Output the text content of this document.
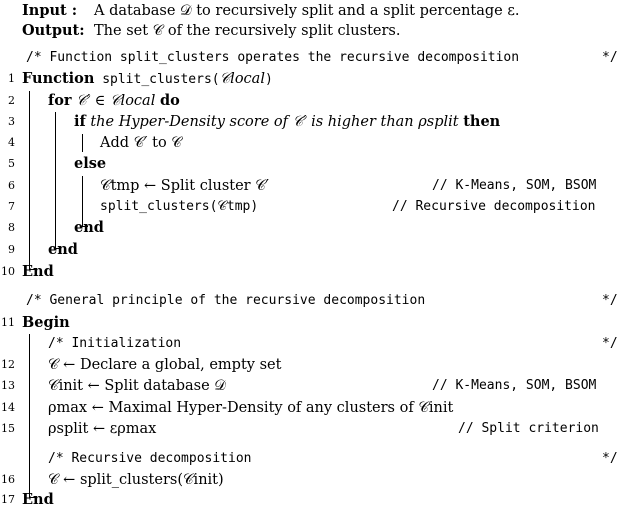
Input : A database 𝒟 to recursively split and a split percentage ε.
Output: The set 𝒞 of the recursively split clusters.
/* Function split_clusters operates the recursive decomposition	*/
1 Function split_clusters(𝒞local)
2 for 𝒞′ ∈ 𝒞local do
3	if the Hyper-Density score of 𝒞′ is higher than ρsplit then
4	Add 𝒞′ to 𝒞
5	else
6	𝒞tmp ← Split cluster 𝒞′	// K-Means, SOM, BSOM
7	split_clusters(𝒞tmp)	// Recursive decomposition
8	end
9 end
10 End
/* General principle of the recursive decomposition	*/
11 Begin
/* Initialization	*/
12 𝒞 ← Declare a global, empty set
13 𝒞init ← Split database 𝒟	// K-Means, SOM, BSOM
14 ρmax ← Maximal Hyper-Density of any clusters of 𝒞init
15 ρsplit ← ερmax	// Split criterion
/* Recursive decomposition	*/
16 𝒞 ← split_clusters(𝒞init)
17 End
